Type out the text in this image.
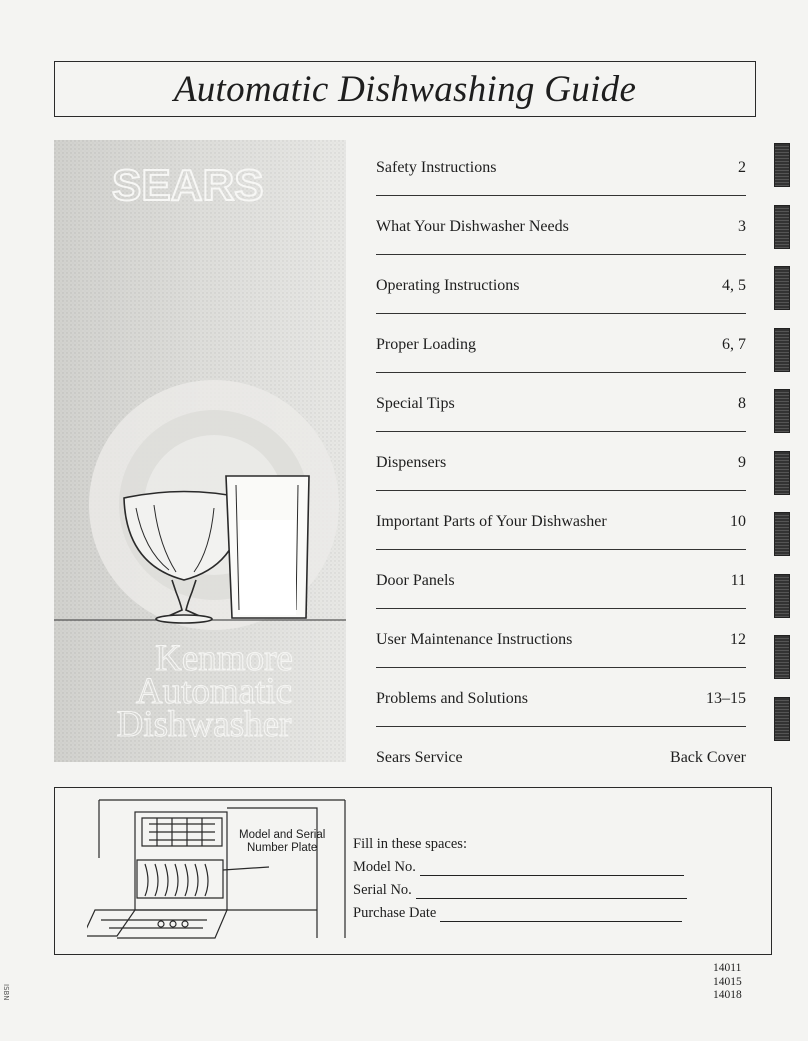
Automatic Dishwashing Guide
SEARS
Kenmore
Automatic
Dishwasher
Safety Instructions	2
What Your Dishwasher Needs	3
Operating Instructions	4, 5
Proper Loading	6, 7
Special Tips	8
Dispensers	9
Important Parts of Your Dishwasher	10
Door Panels	11
User Maintenance Instructions	12
Problems and Solutions	13–15
Sears Service	Back Cover
Model and Serial
Number Plate	Fill in these spaces:
Model No.
Serial No.
Purchase Date
14011
14015
14018
ISBN
